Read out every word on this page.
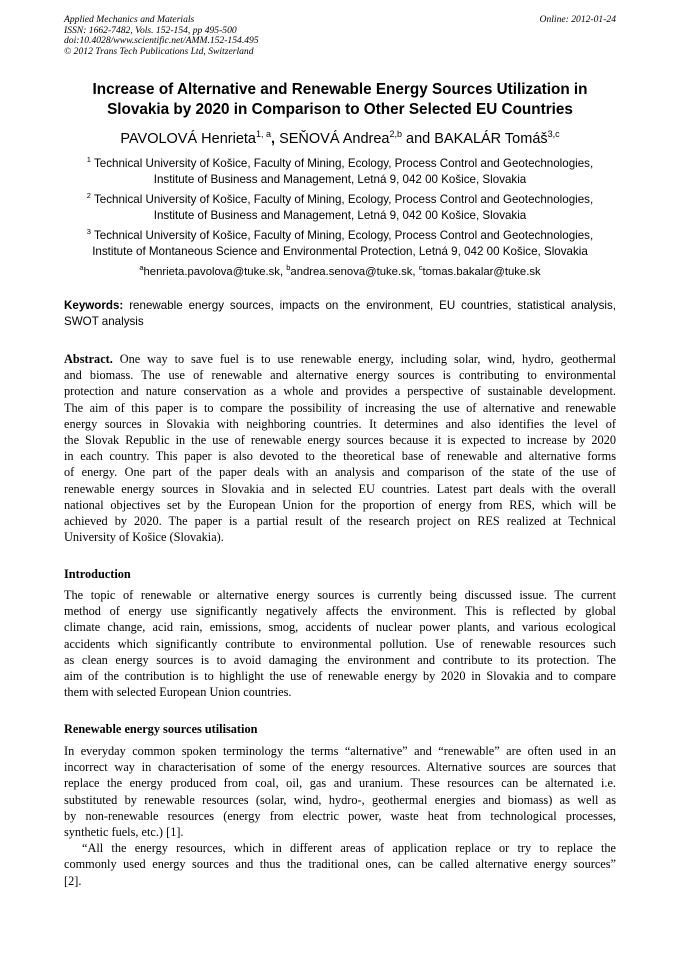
Applied Mechanics and Materials
ISSN: 1662-7482, Vols. 152-154, pp 495-500
doi:10.4028/www.scientific.net/AMM.152-154.495
© 2012 Trans Tech Publications Ltd, Switzerland
Online: 2012-01-24
Increase of Alternative and Renewable Energy Sources Utilization in
Slovakia by 2020 in Comparison to Other Selected EU Countries
PAVOLOVÁ Henrieta$^{1, a}$, SEŇOVÁ Andrea$^{2,b}$ and BAKALÁR Tomáš$^{3,c}$
$^1$ Technical University of Košice, Faculty of Mining, Ecology, Process Control and Geotechnologies,
Institute of Business and Management, Letná 9, 042 00 Košice, Slovakia
$^2$ Technical University of Košice, Faculty of Mining, Ecology, Process Control and Geotechnologies,
Institute of Business and Management, Letná 9, 042 00 Košice, Slovakia
$^3$ Technical University of Košice, Faculty of Mining, Ecology, Process Control and Geotechnologies,
Institute of Montaneous Science and Environmental Protection, Letná 9, 042 00 Košice, Slovakia
$^a$henrieta.pavolova@tuke.sk, $^b$andrea.senova@tuke.sk, $^c$tomas.bakalar@tuke.sk
Keywords: renewable energy sources, impacts on the environment, EU countries, statistical analysis, SWOT analysis
Abstract. One way to save fuel is to use renewable energy, including solar, wind, hydro, geothermal
and biomass. The use of renewable and alternative energy sources is contributing to environmental
protection and nature conservation as a whole and provides a perspective of sustainable development.
The aim of this paper is to compare the possibility of increasing the use of alternative and renewable
energy sources in Slovakia with neighboring countries. It determines and also identifies the level of
the Slovak Republic in the use of renewable energy sources because it is expected to increase by 2020
in each country. This paper is also devoted to the theoretical base of renewable and alternative forms
of energy. One part of the paper deals with an analysis and comparison of the state of the use of
renewable energy sources in Slovakia and in selected EU countries. Latest part deals with the overall
national objectives set by the European Union for the proportion of energy from RES, which will be
achieved by 2020. The paper is a partial result of the research project on RES realized at Technical
University of Košice (Slovakia).
Introduction
The topic of renewable or alternative energy sources is currently being discussed issue. The current
method of energy use significantly negatively affects the environment. This is reflected by global
climate change, acid rain, emissions, smog, accidents of nuclear power plants, and various ecological
accidents which significantly contribute to environmental pollution. Use of renewable resources such
as clean energy sources is to avoid damaging the environment and contribute to its protection. The
aim of the contribution is to highlight the use of renewable energy by 2020 in Slovakia and to compare
them with selected European Union countries.
Renewable energy sources utilisation
In everyday common spoken terminology the terms “alternative” and “renewable” are often used in an
incorrect way in characterisation of some of the energy resources. Alternative sources are sources that
replace the energy produced from coal, oil, gas and uranium. These resources can be alternated i.e.
substituted by renewable resources (solar, wind, hydro-, geothermal energies and biomass) as well as
by non-renewable resources (energy from electric power, waste heat from technological processes,
synthetic fuels, etc.) [1].
“All the energy resources, which in different areas of application replace or try to replace the
commonly used energy sources and thus the traditional ones, can be called alternative energy sources”
[2].
